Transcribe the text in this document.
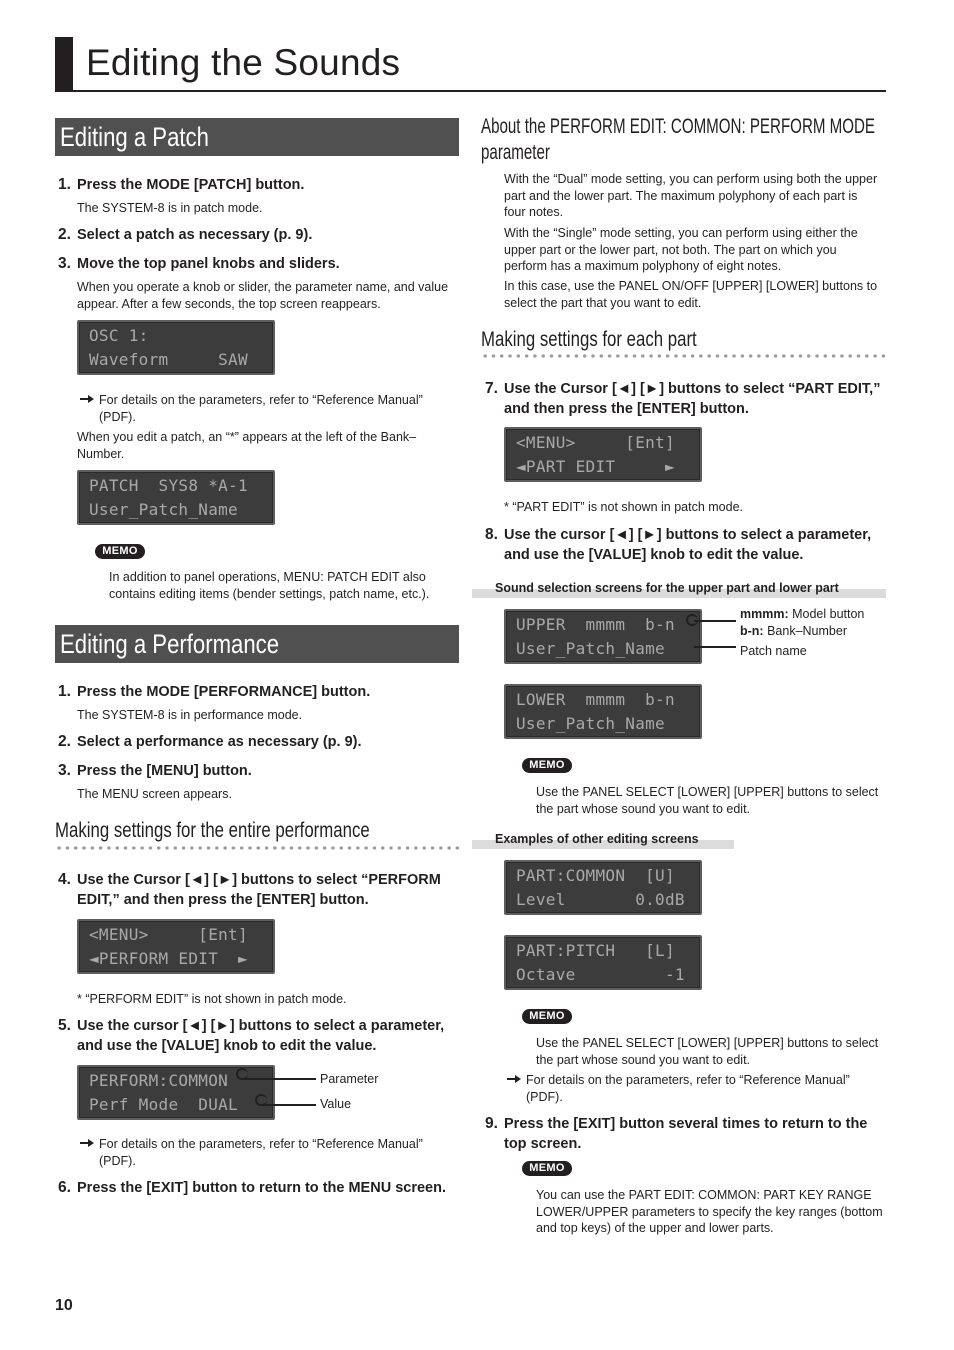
Editing the Sounds
Editing a Patch
1. Press the MODE [PATCH] button.
The SYSTEM-8 is in patch mode.
2. Select a patch as necessary (p. 9).
3. Move the top panel knobs and sliders.
When you operate a knob or slider, the parameter name, and value appear. After a few seconds, the top screen reappears.
OSC 1:
Waveform     SAW
For details on the parameters, refer to “Reference Manual” (PDF).
When you edit a patch, an “*” appears at the left of the Bank–Number.
PATCH  SYS8 *A-1
User_Patch_Name
MEMO
In addition to panel operations, MENU: PATCH EDIT also contains editing items (bender settings, patch name, etc.).
Editing a Performance
1. Press the MODE [PERFORMANCE] button.
The SYSTEM-8 is in performance mode.
2. Select a performance as necessary (p. 9).
3. Press the [MENU] button.
The MENU screen appears.
Making settings for the entire performance
4. Use the Cursor [◄] [►] buttons to select “PERFORM EDIT,” and then press the [ENTER] button.
<MENU>     [Ent]
◄PERFORM EDIT  ►
* “PERFORM EDIT” is not shown in patch mode.
5. Use the cursor [◄] [►] buttons to select a parameter, and use the [VALUE] knob to edit the value.
PERFORM:COMMON
Perf Mode  DUAL
Parameter
Value
For details on the parameters, refer to “Reference Manual” (PDF).
6. Press the [EXIT] button to return to the MENU screen.
About the PERFORM EDIT: COMMON: PERFORM MODE
parameter
With the “Dual” mode setting, you can perform using both the upper part and the lower part. The maximum polyphony of each part is four notes.
With the “Single” mode setting, you can perform using either the upper part or the lower part, not both. The part on which you perform has a maximum polyphony of eight notes.
In this case, use the PANEL ON/OFF [UPPER] [LOWER] buttons to select the part that you want to edit.
Making settings for each part
7. Use the Cursor [◄] [►] buttons to select “PART EDIT,” and then press the [ENTER] button.
<MENU>     [Ent]
◄PART EDIT     ►
* “PART EDIT” is not shown in patch mode.
8. Use the cursor [◄] [►] buttons to select a parameter, and use the [VALUE] knob to edit the value.
Sound selection screens for the upper part and lower part
UPPER  mmmm  b-n
User_Patch_Name
mmmm: Model button
b-n: Bank–Number
Patch name
LOWER  mmmm  b-n
User_Patch_Name
MEMO
Use the PANEL SELECT [LOWER] [UPPER] buttons to select the part whose sound you want to edit.
Examples of other editing screens
PART:COMMON  [U]
Level       0.0dB
PART:PITCH   [L]
Octave         -1
MEMO
Use the PANEL SELECT [LOWER] [UPPER] buttons to select the part whose sound you want to edit.
For details on the parameters, refer to “Reference Manual” (PDF).
9. Press the [EXIT] button several times to return to the top screen.
MEMO
You can use the PART EDIT: COMMON: PART KEY RANGE LOWER/UPPER parameters to specify the key ranges (bottom and top keys) of the upper and lower parts.
10
